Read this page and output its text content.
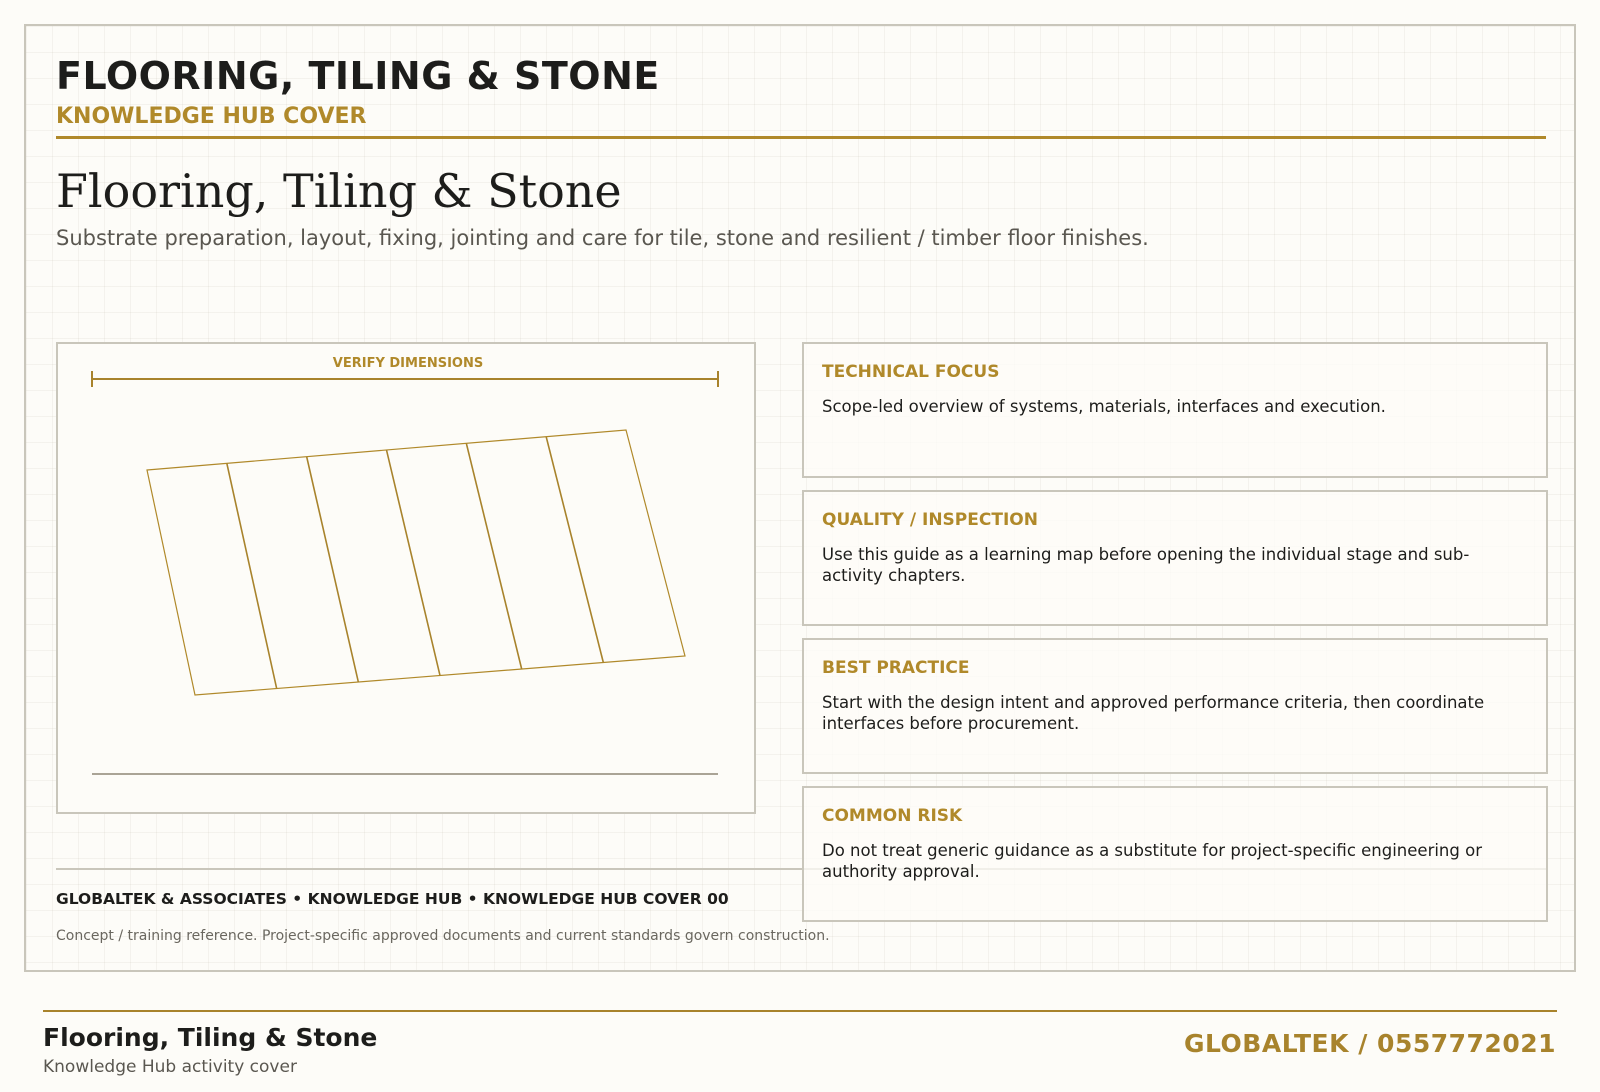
FLOORING, TILING & STONE
KNOWLEDGE HUB COVER
Flooring, Tiling & Stone
Substrate preparation, layout, fixing, jointing and care for tile, stone and resilient / timber floor finishes.
VERIFY DIMENSIONS	TECHNICAL FOCUS
Scope-led overview of systems, materials, interfaces and execution.
QUALITY / INSPECTION
Use this guide as a learning map before opening the individual stage and sub-activity chapters.
BEST PRACTICE
Start with the design intent and approved performance criteria, then coordinate interfaces before procurement.
COMMON RISK
Do not treat generic guidance as a substitute for project-specific engineering or authority approval.
GLOBALTEK & ASSOCIATES • KNOWLEDGE HUB • KNOWLEDGE HUB COVER 00
Concept / training reference. Project-specific approved documents and current standards govern construction.
Flooring, Tiling & Stone
Knowledge Hub activity cover
GLOBALTEK / 0557772021
